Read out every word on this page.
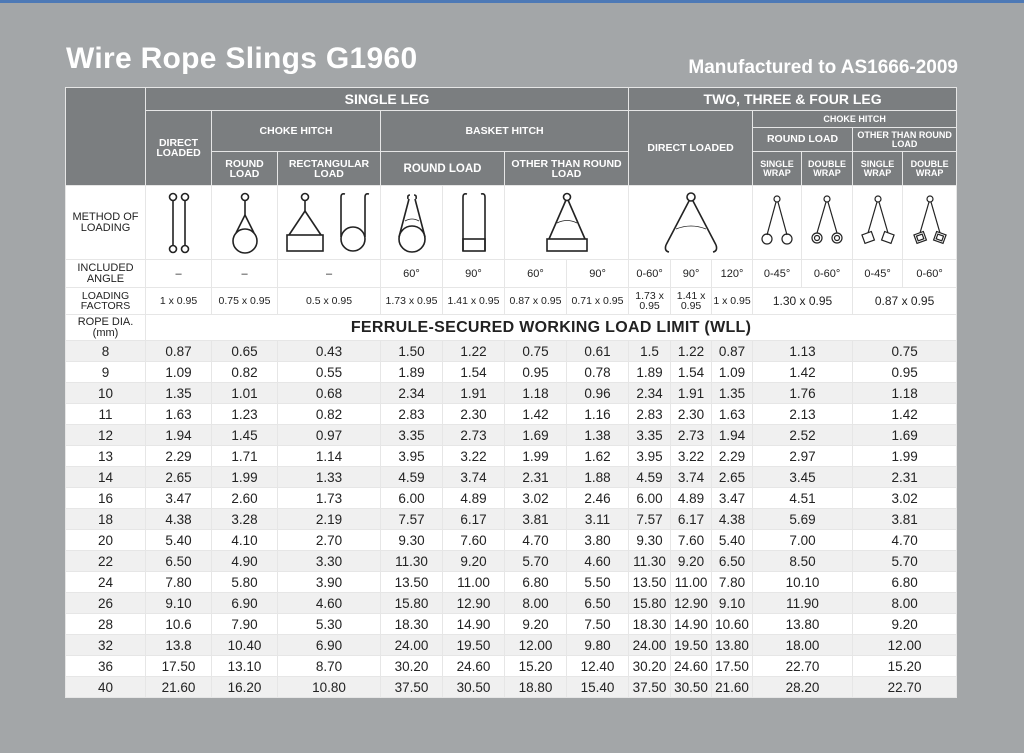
Wire Rope Slings G1960	Manufactured to AS1666-2009
	SINGLE LEG							TWO, THREE & FOUR LEG						
	DIRECT LOADED	CHOKE HITCH		BASKET HITCH				DIRECT LOADED			CHOKE HITCH			
											ROUND LOAD		OTHER THAN ROUND LOAD	
		ROUND LOAD	RECTANGULAR LOAD	ROUND LOAD		OTHER THAN ROUND LOAD					SINGLE WRAP	DOUBLE WRAP	SINGLE WRAP	DOUBLE WRAP
METHOD OF LOADING	

INCLUDED ANGLE	–	–	–	60°	90°	60°	90°	0-60°	90°	120°	0-45°	0-60°	0-45°	0-60°
LOADING FACTORS	1 x 0.95	0.75 x 0.95	0.5 x 0.95	1.73 x 0.95	1.41 x 0.95	0.87 x 0.95	0.71 x 0.95	1.73 x 0.95	1.41 x 0.95	1 x 0.95	1.30 x 0.95		0.87 x 0.95	
ROPE DIA.(mm)	FERRULE-SECURED WORKING LOAD LIMIT (WLL)													
8	0.87	0.65	0.43	1.50	1.22	0.75	0.61	1.5	1.22	0.87	1.13		0.75	
9	1.09	0.82	0.55	1.89	1.54	0.95	0.78	1.89	1.54	1.09	1.42		0.95	
10	1.35	1.01	0.68	2.34	1.91	1.18	0.96	2.34	1.91	1.35	1.76		1.18	
11	1.63	1.23	0.82	2.83	2.30	1.42	1.16	2.83	2.30	1.63	2.13		1.42	
12	1.94	1.45	0.97	3.35	2.73	1.69	1.38	3.35	2.73	1.94	2.52		1.69	
13	2.29	1.71	1.14	3.95	3.22	1.99	1.62	3.95	3.22	2.29	2.97		1.99	
14	2.65	1.99	1.33	4.59	3.74	2.31	1.88	4.59	3.74	2.65	3.45		2.31	
16	3.47	2.60	1.73	6.00	4.89	3.02	2.46	6.00	4.89	3.47	4.51		3.02	
18	4.38	3.28	2.19	7.57	6.17	3.81	3.11	7.57	6.17	4.38	5.69		3.81	
20	5.40	4.10	2.70	9.30	7.60	4.70	3.80	9.30	7.60	5.40	7.00		4.70	
22	6.50	4.90	3.30	11.30	9.20	5.70	4.60	11.30	9.20	6.50	8.50		5.70	
24	7.80	5.80	3.90	13.50	11.00	6.80	5.50	13.50	11.00	7.80	10.10		6.80	
26	9.10	6.90	4.60	15.80	12.90	8.00	6.50	15.80	12.90	9.10	11.90		8.00	
28	10.6	7.90	5.30	18.30	14.90	9.20	7.50	18.30	14.90	10.60	13.80		9.20	
32	13.8	10.40	6.90	24.00	19.50	12.00	9.80	24.00	19.50	13.80	18.00		12.00	
36	17.50	13.10	8.70	30.20	24.60	15.20	12.40	30.20	24.60	17.50	22.70		15.20	
40	21.60	16.20	10.80	37.50	30.50	18.80	15.40	37.50	30.50	21.60	28.20		22.70	
